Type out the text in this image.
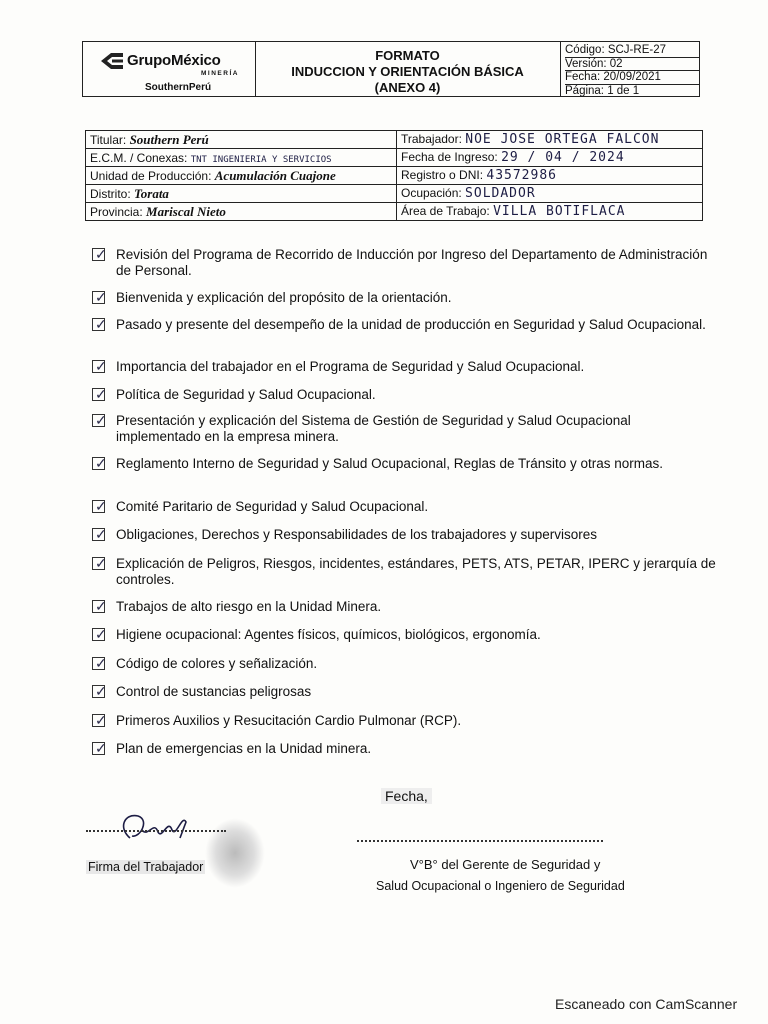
GrupoMéxico
MINERÍA
SouthernPerú
FORMATO
INDUCCION Y ORIENTACIÓN BÁSICA
(ANEXO 4)
Código: SCJ-RE-27
Versión: 02
Fecha: 20/09/2021
Página: 1 de 1
Titular: Southern Perú	Trabajador: NOE JOSE ORTEGA FALCON
E.C.M. / Conexas: TNT INGENIERIA Y SERVICIOS	Fecha de Ingreso: 29 / 04 / 2024
Unidad de Producción: Acumulación Cuajone	Registro o DNI: 43572986
Distrito: Torata	Ocupación: SOLDADOR
Provincia: Mariscal Nieto	Área de Trabajo: VILLA BOTIFLACA
✓ Revisión del Programa de Recorrido de Inducción por Ingreso del Departamento de Administración de Personal.
✓ Bienvenida y explicación del propósito de la orientación.
✓ Pasado y presente del desempeño de la unidad de producción en Seguridad y Salud Ocupacional.
✓ Importancia del trabajador en el Programa de Seguridad y Salud Ocupacional.
✓ Política de Seguridad y Salud Ocupacional.
✓ Presentación y explicación del Sistema de Gestión de Seguridad y Salud Ocupacional implementado en la empresa minera.
✓ Reglamento Interno de Seguridad y Salud Ocupacional, Reglas de Tránsito y otras normas.
✓ Comité Paritario de Seguridad y Salud Ocupacional.
✓ Obligaciones, Derechos y Responsabilidades de los trabajadores y supervisores
✓ Explicación de Peligros, Riesgos, incidentes, estándares, PETS, ATS, PETAR, IPERC y jerarquía de controles.
✓ Trabajos de alto riesgo en la Unidad Minera.
✓ Higiene ocupacional: Agentes físicos, químicos, biológicos, ergonomía.
✓ Código de colores y señalización.
✓ Control de sustancias peligrosas
✓ Primeros Auxilios y Resucitación Cardio Pulmonar (RCP).
✓ Plan de emergencias en la Unidad minera.
Fecha,
Firma del Trabajador	V°B° del Gerente de Seguridad y
Salud Ocupacional o Ingeniero de Seguridad
Escaneado con CamScanner
